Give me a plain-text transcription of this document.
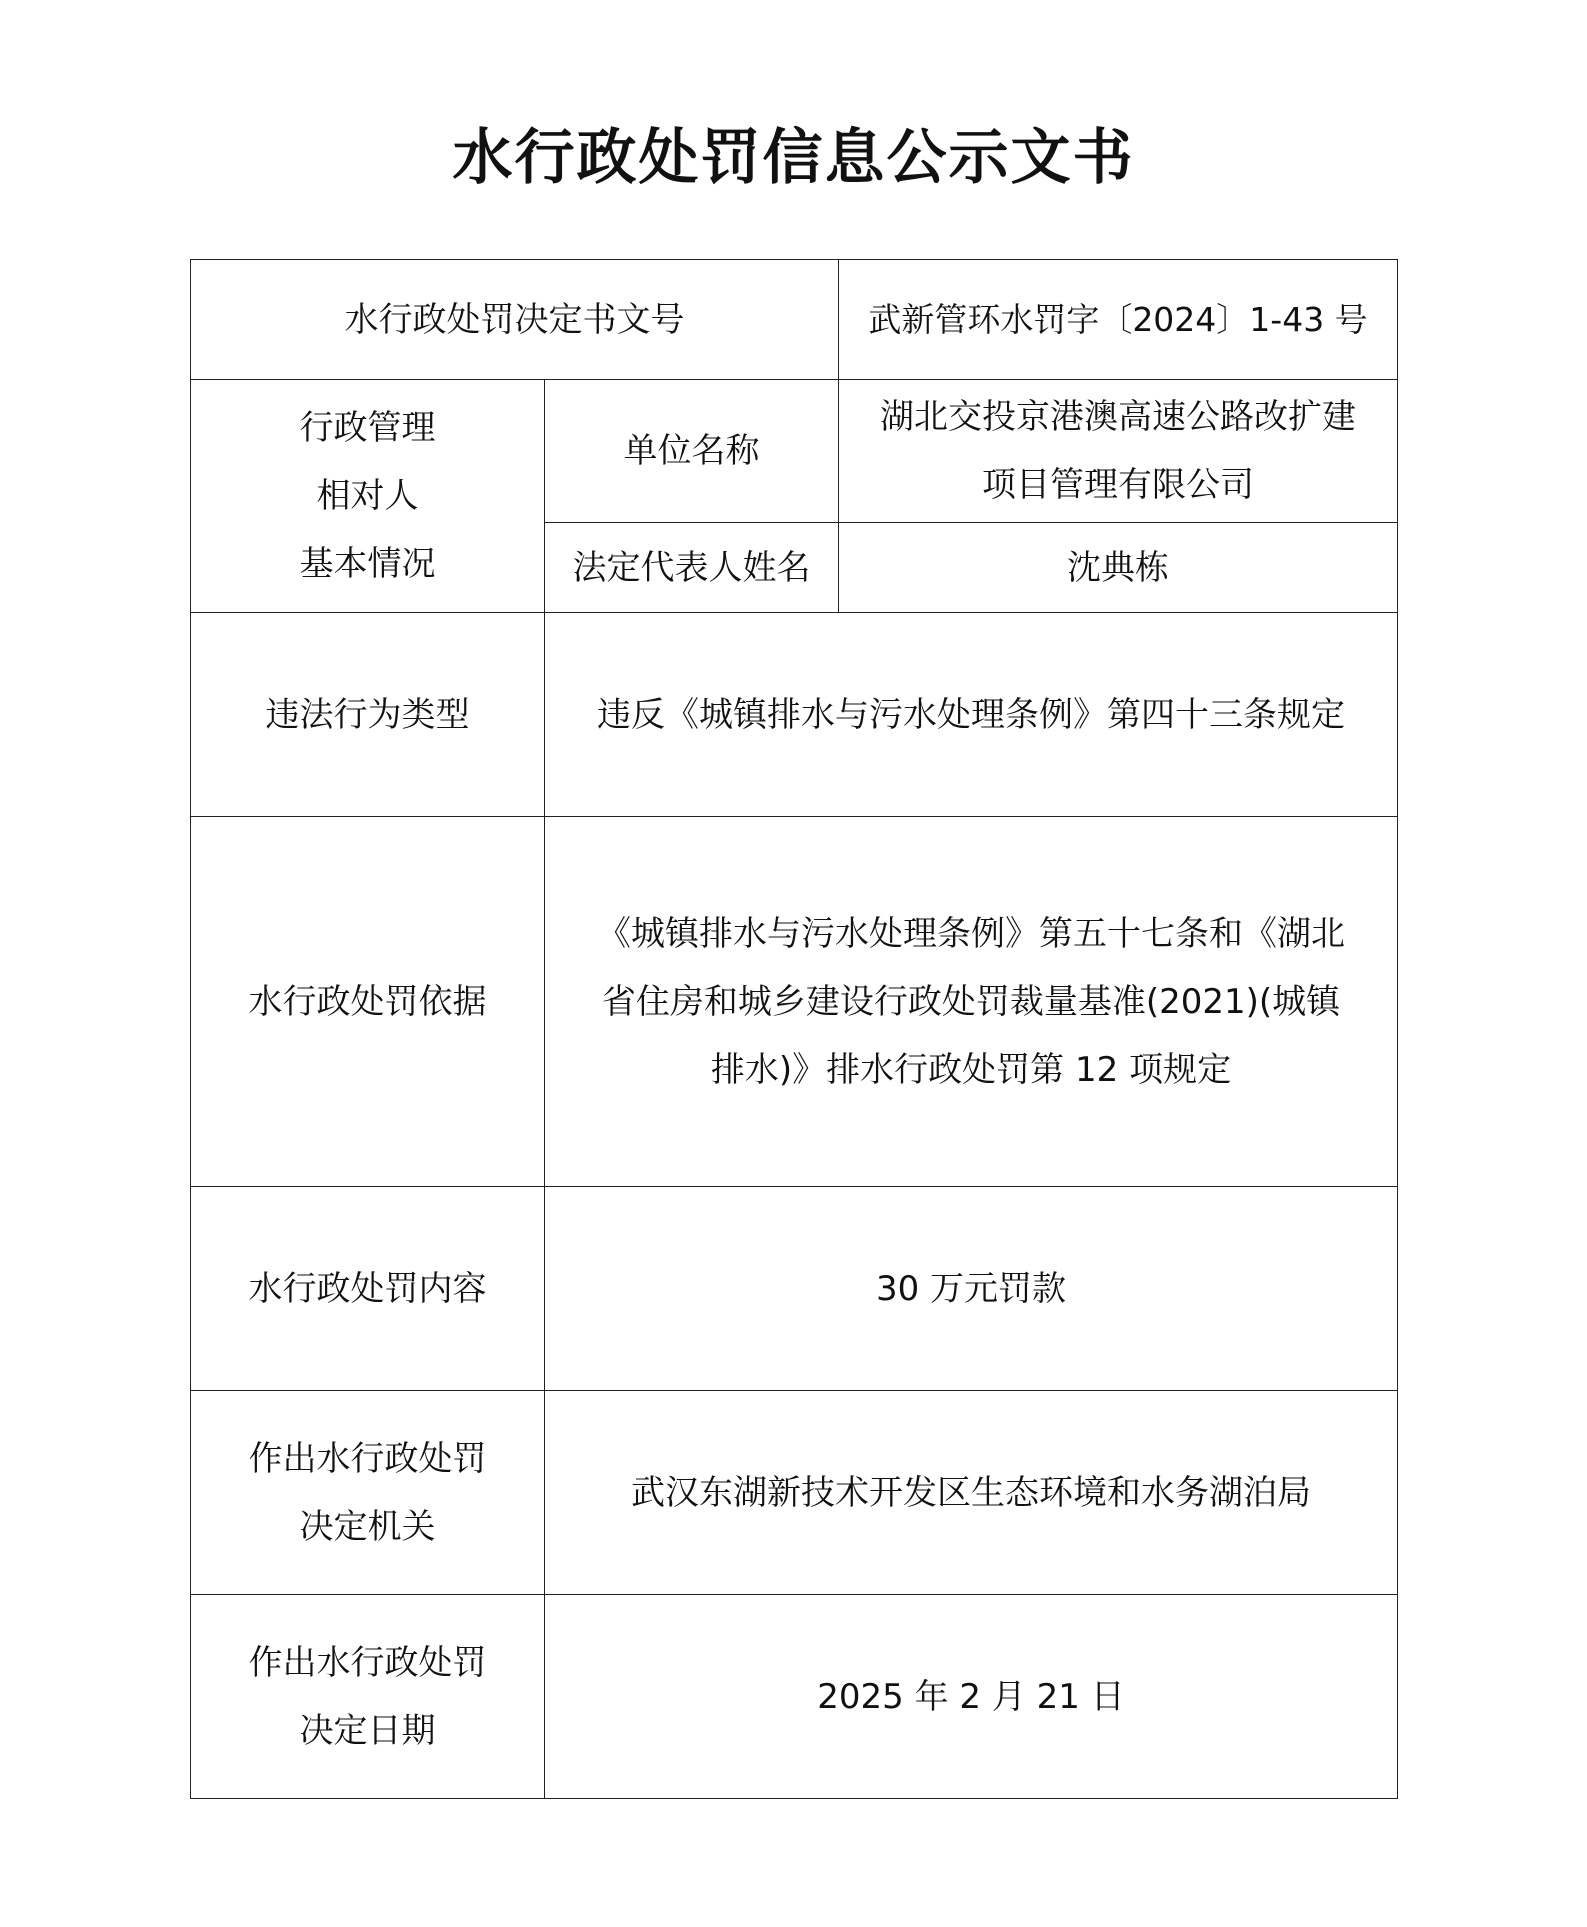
水行政处罚信息公示文书
水行政处罚决定书文号		武新管环水罚字〔2024〕1-43 号

行政管理
相对人
基本情况	单位名称	湖北交投京港澳高速公路改扩建
项目管理有限公司

	法定代表人姓名	沈典栋
违法行为类型	违反《城镇排水与污水处理条例》第四十三条规定	
水行政处罚依据	《城镇排水与污水处理条例》第五十七条和《湖北
省住房和城乡建设行政处罚裁量基准(2021)(城镇
排水)》排水行政处罚第 12 项规定	

水行政处罚内容	30 万元罚款	

作出水行政处罚
决定机关	武汉东湖新技术开发区生态环境和水务湖泊局	

作出水行政处罚
决定日期	2025 年 2 月 21 日	
